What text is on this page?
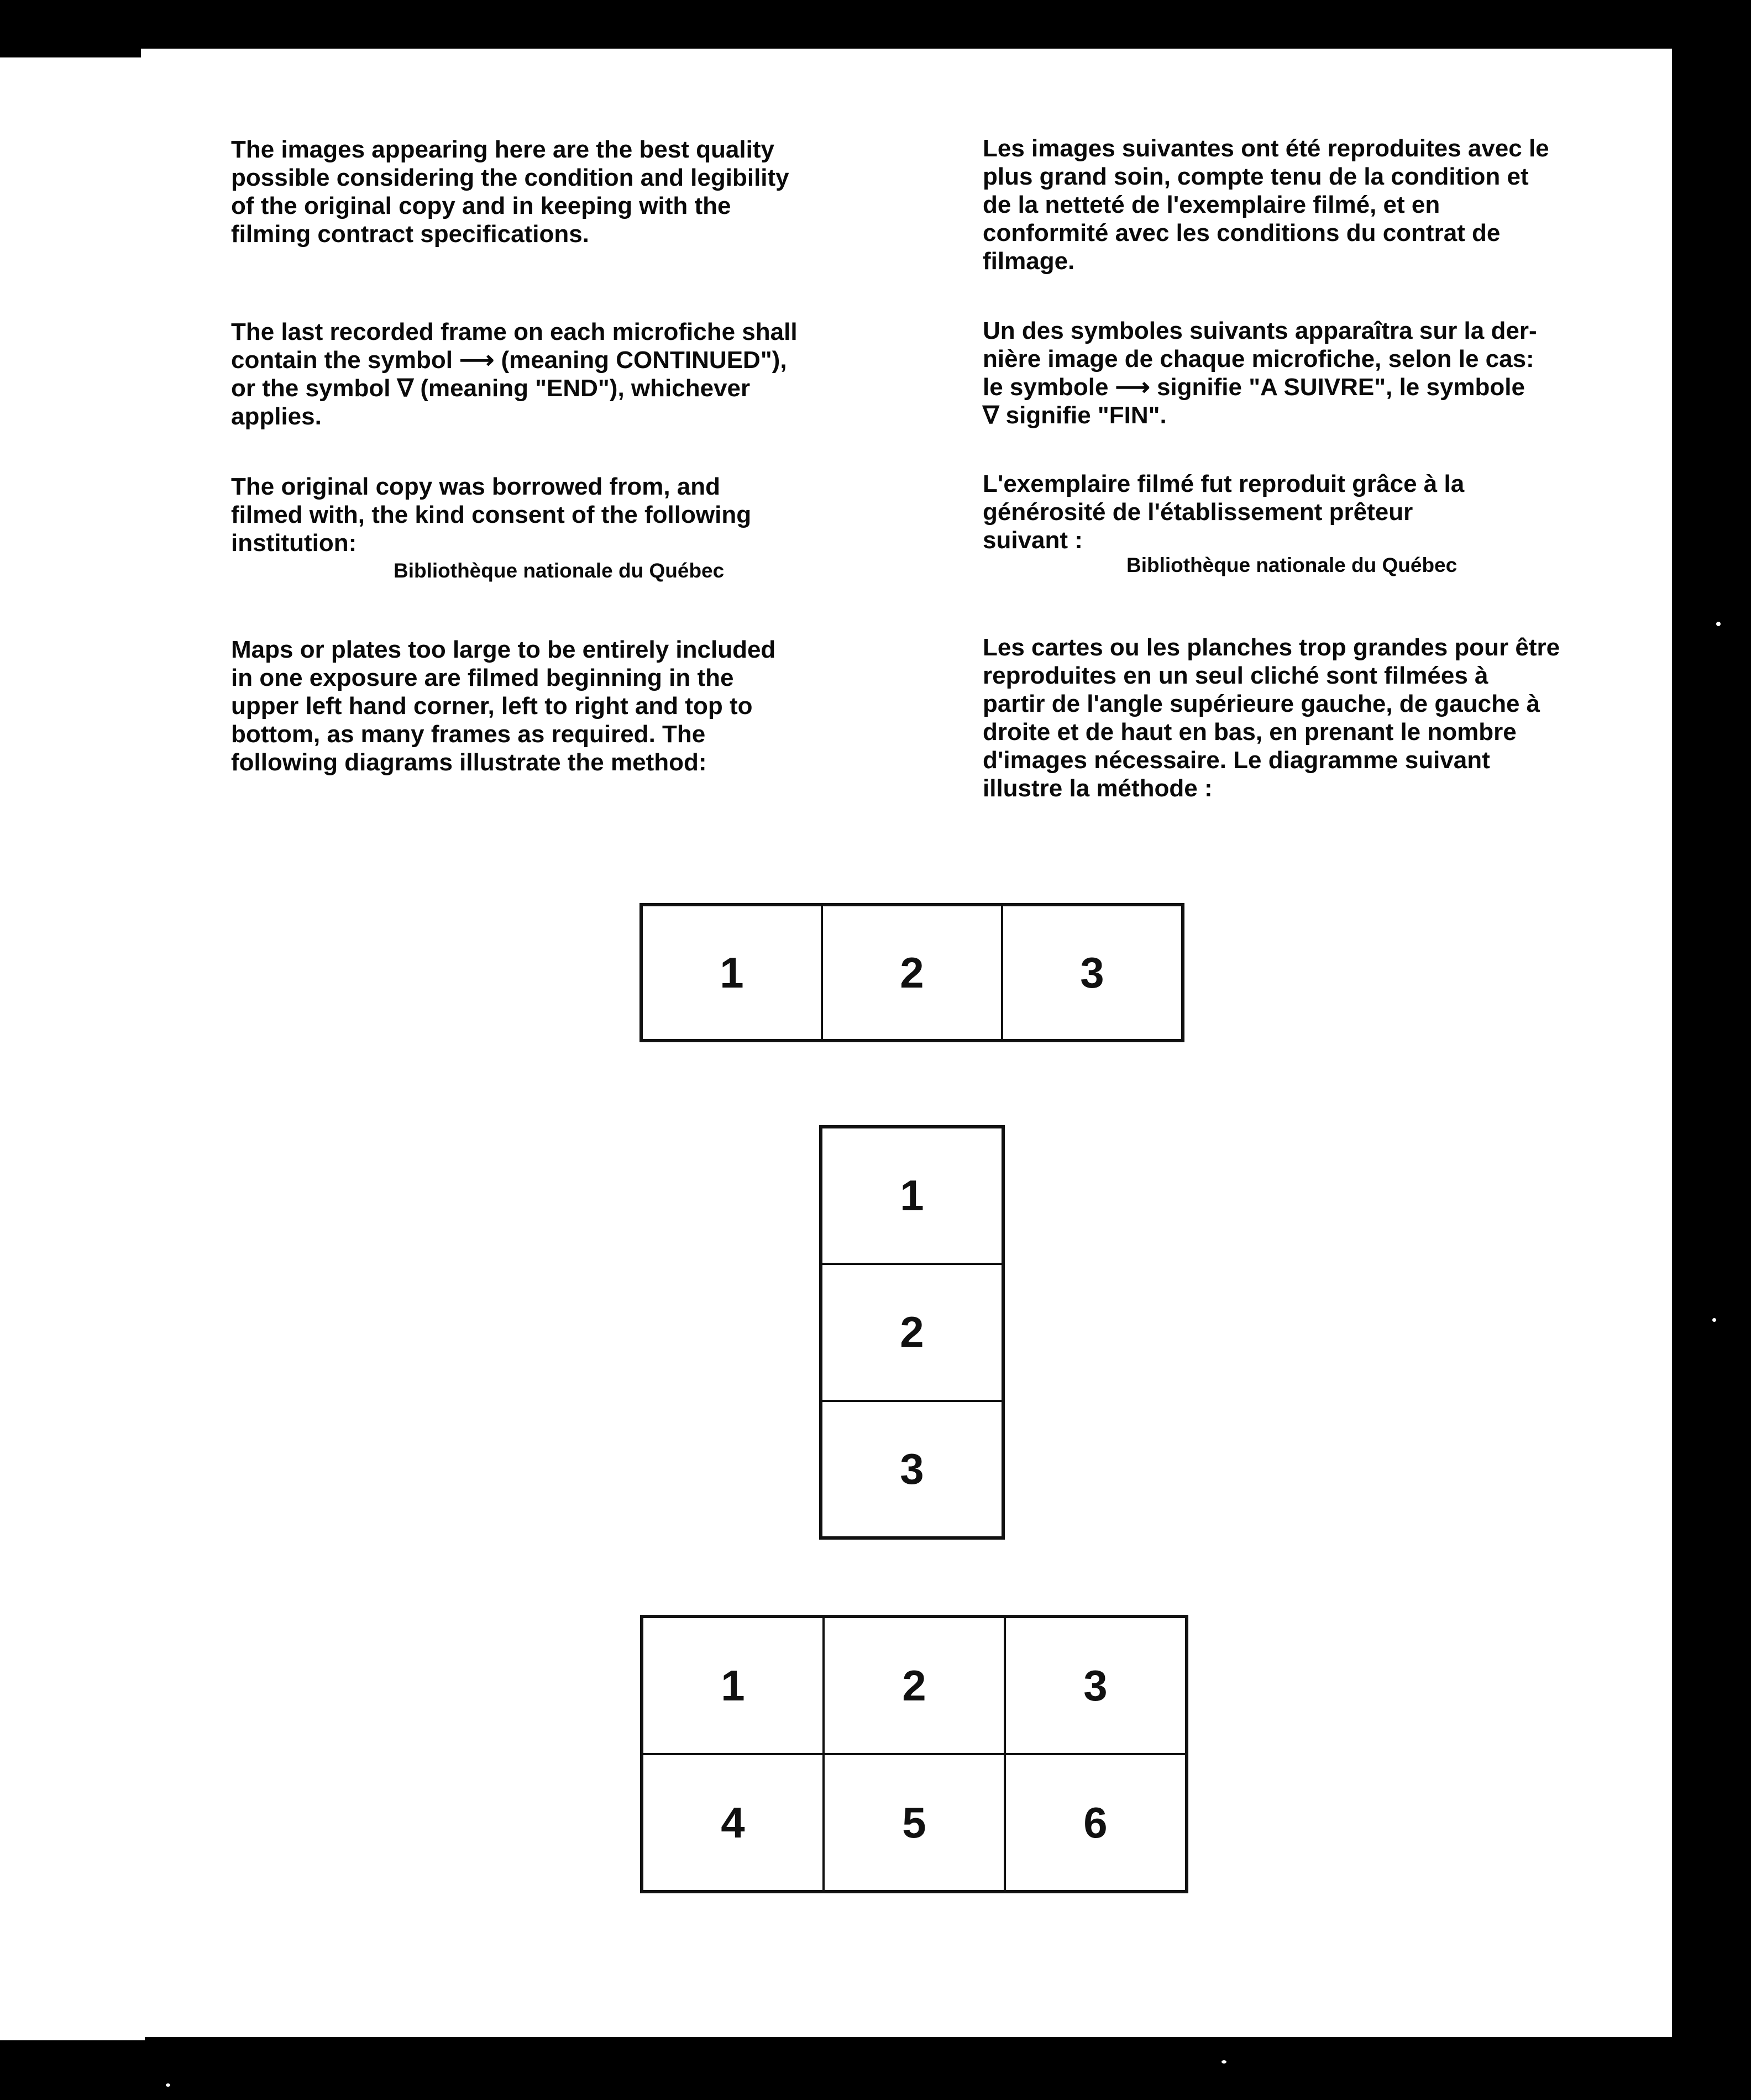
The images appearing here are the best quality
possible considering the condition and legibility
of the original copy and in keeping with the
filming contract specifications.

The last recorded frame on each microfiche shall
contain the symbol ⟶ (meaning CONTINUED"),
or the symbol ∇ (meaning "END"), whichever
applies.

The original copy was borrowed from, and
filmed with, the kind consent of the following
institution:

Bibliothèque nationale du Québec

Maps or plates too large to be entirely included
in one exposure are filmed beginning in the
upper left hand corner, left to right and top to
bottom, as many frames as required. The
following diagrams illustrate the method:

Les images suivantes ont été reproduites avec le
plus grand soin, compte tenu de la condition et
de la netteté de l'exemplaire filmé, et en
conformité avec les conditions du contrat de
filmage.

Un des symboles suivants apparaîtra sur la der-
nière image de chaque microfiche, selon le cas:
le symbole ⟶ signifie "A SUIVRE", le symbole
∇ signifie "FIN".

L'exemplaire filmé fut reproduit grâce à la
générosité de l'établissement prêteur
suivant :

Bibliothèque nationale du Québec

Les cartes ou les planches trop grandes pour être
reproduites en un seul cliché sont filmées à
partir de l'angle supérieure gauche, de gauche à
droite et de haut en bas, en prenant le nombre
d'images nécessaire. Le diagramme suivant
illustre la méthode :

1	2	3
1
2
3
1	2	3
4	5	6
